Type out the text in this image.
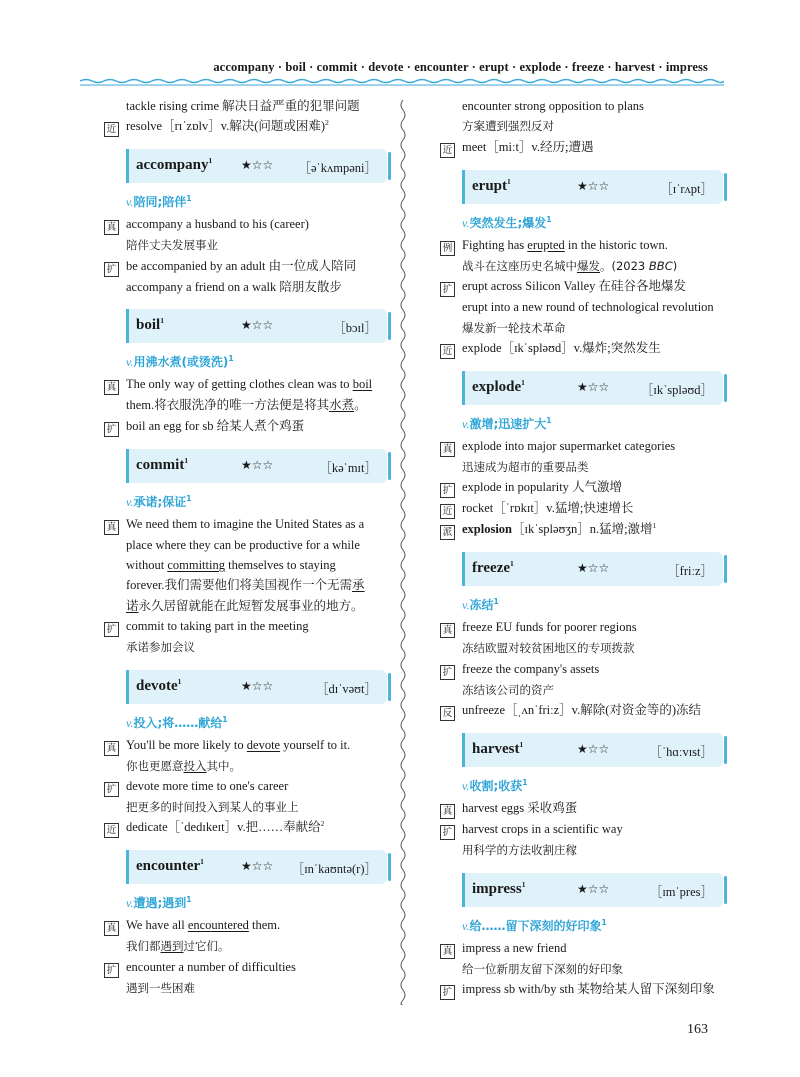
accompany · boil · commit · devote · encounter · erupt · explode · freeze · harvest · impress
tackle rising crime 解决日益严重的犯罪问题
近 resolve［rɪˈzɒlv］v.解决(问题或困难)$^2$
accompany$^1$ ★☆☆ ［əˈkʌmpəni］
v.陪同;陪伴$^1$
真 accompany a husband to his (career)
陪伴丈夫发展事业
扩 be accompanied by an adult 由一位成人陪同
accompany a friend on a walk 陪朋友散步
boil$^1$	★☆☆	［bɔɪl］
v.用沸水煮(或烫洗)$^1$
真 The only way of getting clothes clean was to boil
them.将衣服洗净的唯一方法便是将其水煮。
扩 boil an egg for sb 给某人煮个鸡蛋
commit$^1$	★☆☆	［kəˈmɪt］
v.承诺;保证$^1$
真 We need them to imagine the United States as a
place where they can be productive for a while
without committing themselves to staying
forever.我们需要他们将美国视作一个无需承
诺永久居留就能在此短暂发展事业的地方。
扩 commit to taking part in the meeting
承诺参加会议
devote$^1$	★☆☆	［dɪˈvəʊt］
v.投入;将……献给$^1$
真 You'll be more likely to devote yourself to it.
你也更愿意投入其中。
扩 devote more time to one's career
把更多的时间投入到某人的事业上
近 dedicate［ˈdedɪkeɪt］v.把……奉献给$^2$
encounter$^1$	★☆☆ ［ɪnˈkaʊntə(r)］
v.遭遇;遇到$^1$
真 We have all encountered them.
我们都遇到过它们。
扩 encounter a number of difficulties
遇到一些困难
encounter strong opposition to plans
方案遭到强烈反对
近 meet［miːt］v.经历;遭遇
erupt$^1$	★☆☆	［ɪˈrʌpt］
v.突然发生;爆发$^1$
例 Fighting has erupted in the historic town.
战斗在这座历史名城中爆发。(2023 BBC)
扩 erupt across Silicon Valley 在硅谷各地爆发
erupt into a new round of technological revolution
爆发新一轮技术革命
近 explode［ɪkˈspləʊd］v.爆炸;突然发生
explode$^1$	★☆☆	［ɪkˈspləʊd］
v.激增;迅速扩大$^1$
真 explode into major supermarket categories
迅速成为超市的重要品类
扩 explode in popularity 人气激增
近 rocket［ˈrɒkɪt］v.猛增;快速增长
派 explosion［ɪkˈspləʊʒn］n.猛增;激增$^1$
freeze$^1$	★☆☆	［friːz］
v.冻结$^1$
真 freeze EU funds for poorer regions
冻结欧盟对较贫困地区的专项拨款
扩 freeze the company's assets
冻结该公司的资产
反 unfreeze［ˌʌnˈfriːz］v.解除(对资金等的)冻结
harvest$^1$	★☆☆	［ˈhɑːvɪst］
v.收割;收获$^1$
真 harvest eggs 采收鸡蛋
扩 harvest crops in a scientific way
用科学的方法收割庄稼
impress$^1$	★☆☆	［ɪmˈpres］
v.给……留下深刻的好印象$^1$
真 impress a new friend
给一位新朋友留下深刻的好印象
扩 impress sb with/by sth 某物给某人留下深刻印象
163
